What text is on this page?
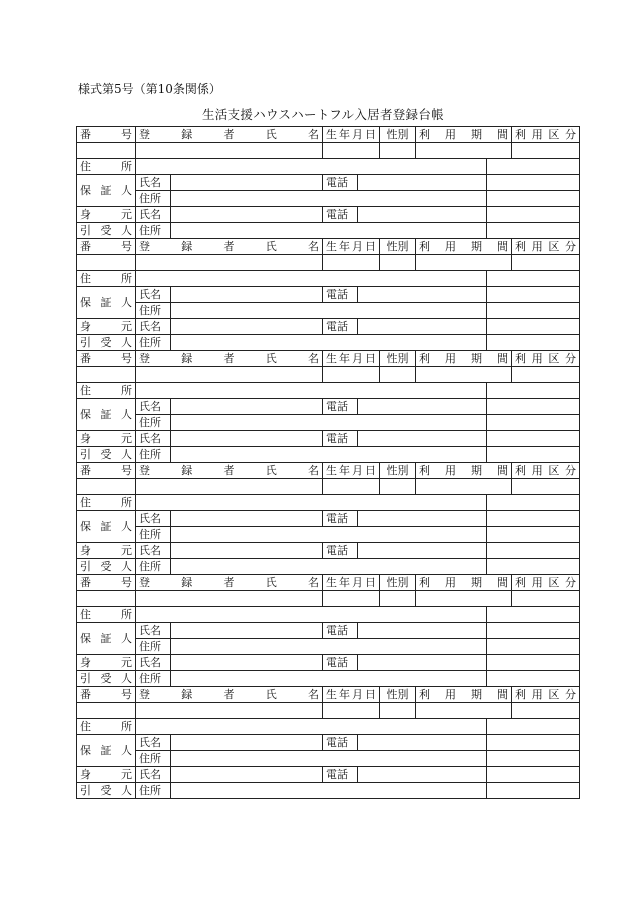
様式第5号（第10条関係）
生活支援ハウスハートフル入居者登録台帳
番号	登録者氏名		生年月日		性別	利用期間		利用区分

住所								
保証人	氏名		電話					
	住所							
身元	氏名		電話					
引受人	住所							
番号	登録者氏名		生年月日		性別	利用期間		利用区分

住所								
保証人	氏名		電話					
	住所							
身元	氏名		電話					
引受人	住所							
番号	登録者氏名		生年月日		性別	利用期間		利用区分

住所								
保証人	氏名		電話					
	住所							
身元	氏名		電話					
引受人	住所							
番号	登録者氏名		生年月日		性別	利用期間		利用区分

住所								
保証人	氏名		電話					
	住所							
身元	氏名		電話					
引受人	住所							
番号	登録者氏名		生年月日		性別	利用期間		利用区分

住所								
保証人	氏名		電話					
	住所							
身元	氏名		電話					
引受人	住所							
番号	登録者氏名		生年月日		性別	利用期間		利用区分

住所								
保証人	氏名		電話					
	住所							
身元	氏名		電話					
引受人	住所							
